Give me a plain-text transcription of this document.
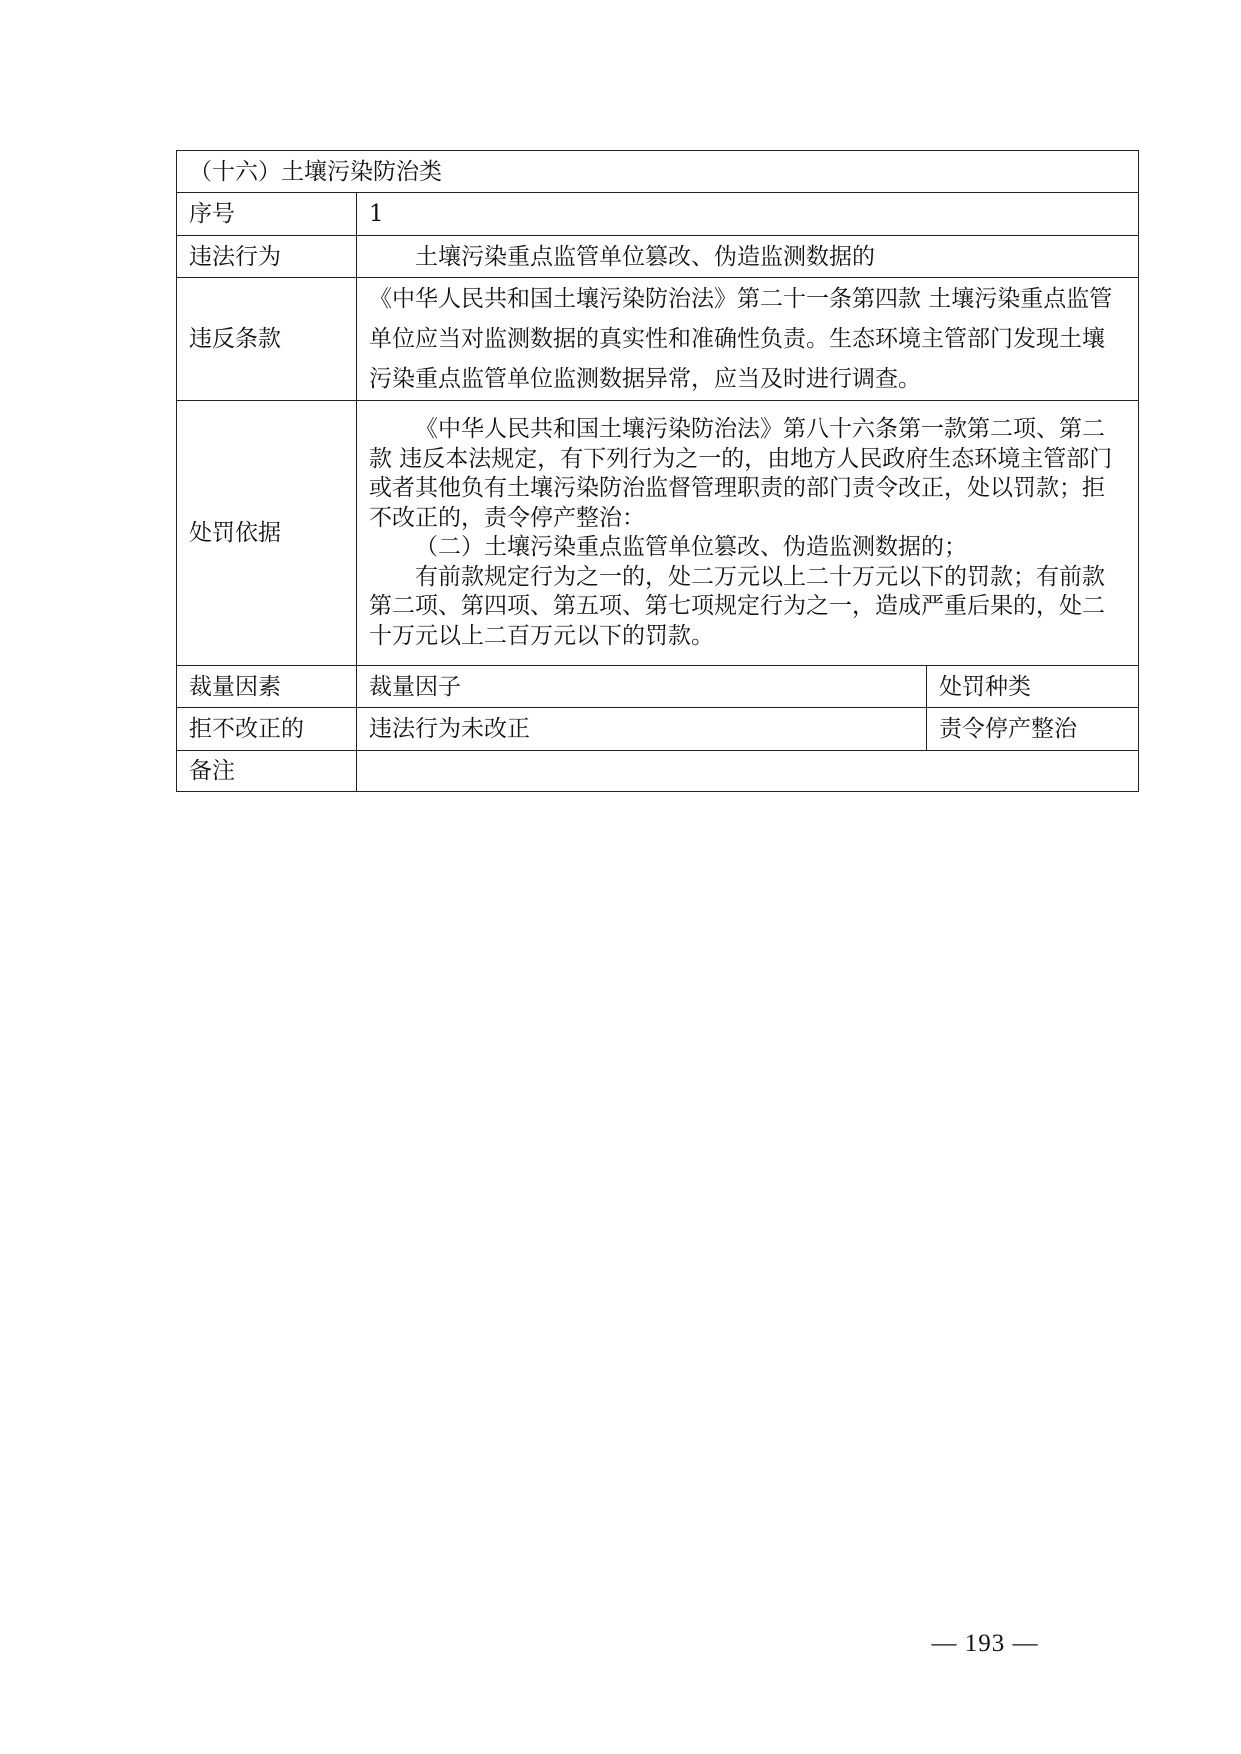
（十六）土壤污染防治类		
序号	1	
违法行为	土壤污染重点监管单位篡改、伪造监测数据的	
违反条款	《中华人民共和国土壤污染防治法》第二十一条第四款 土壤污染重点监管单位应当对监测数据的真实性和准确性负责。生态环境主管部门发现土壤污染重点监管单位监测数据异常，应当及时进行调查。	
处罚依据	《中华人民共和国土壤污染防治法》第八十六条第一款第二项、第二款 违反本法规定，有下列行为之一的，由地方人民政府生态环境主管部门或者其他负有土壤污染防治监督管理职责的部门责令改正，处以罚款；拒不改正的，责令停产整治：

（二）土壤污染重点监管单位篡改、伪造监测数据的；

有前款规定行为之一的，处二万元以上二十万元以下的罚款；有前款第二项、第四项、第五项、第七项规定行为之一，造成严重后果的，处二十万元以上二百万元以下的罚款。	

裁量因素	裁量因子	处罚种类
拒不改正的	违法行为未改正	责令停产整治
备注		
— 193 —
